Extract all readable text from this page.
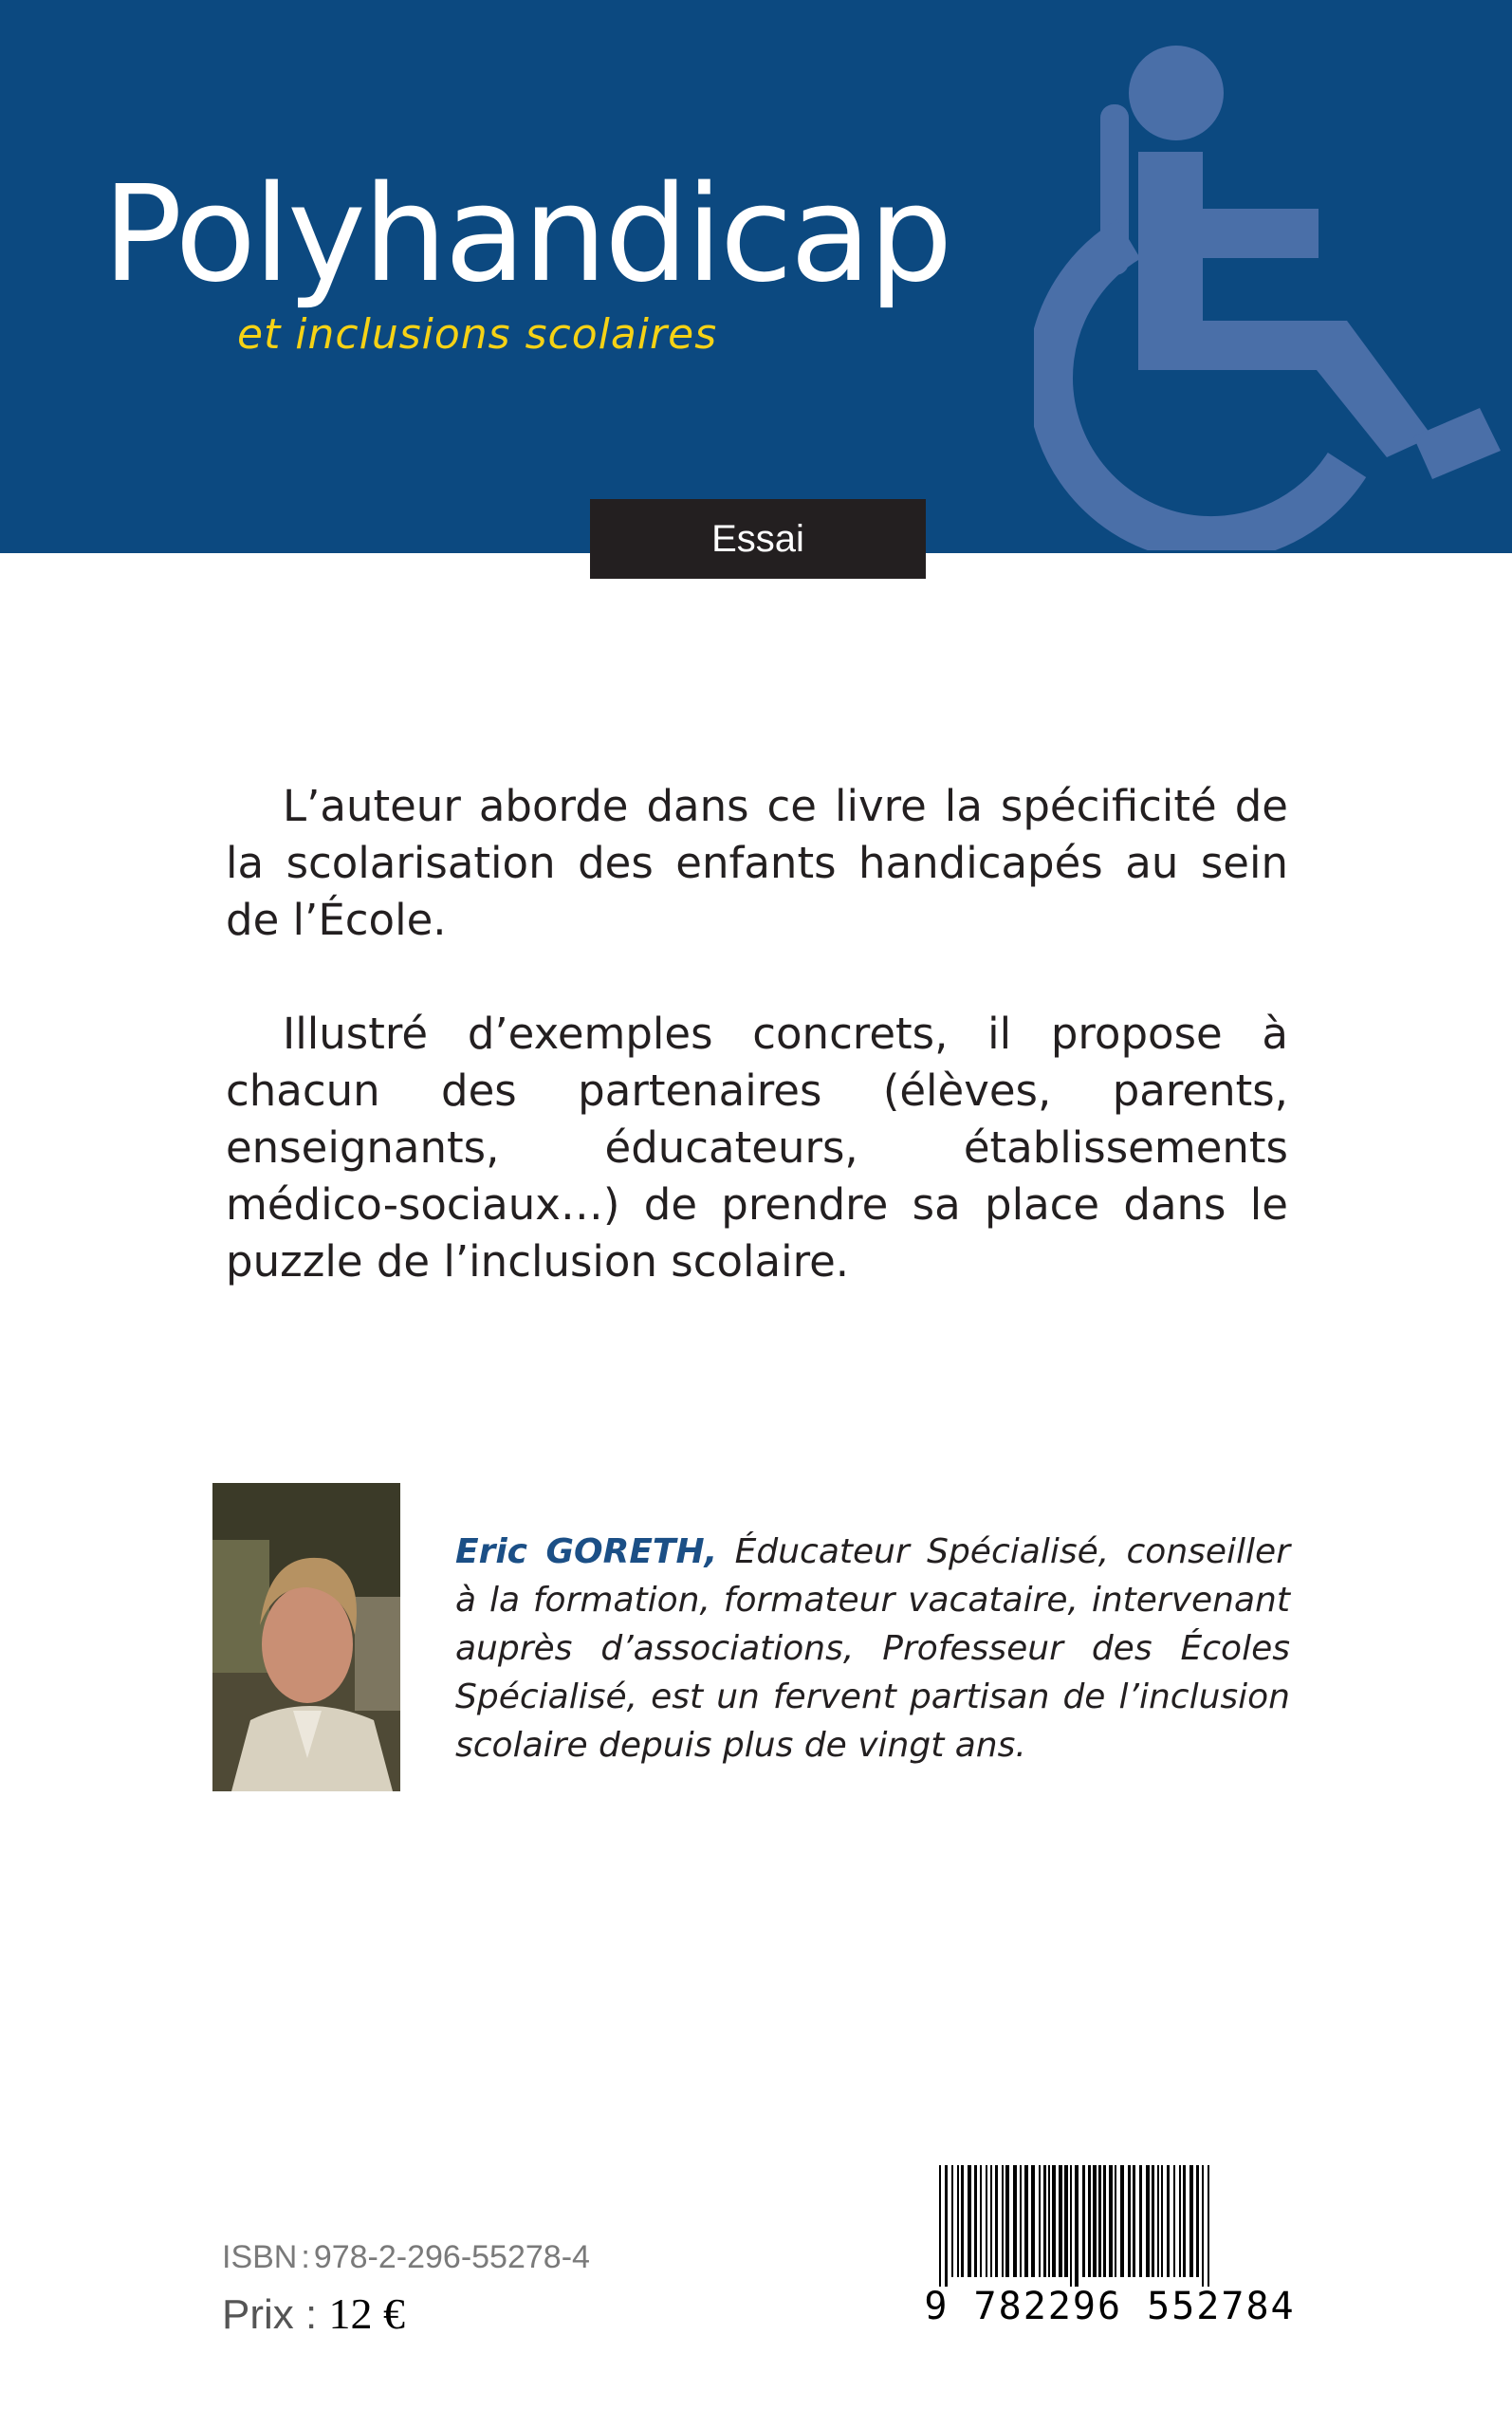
Polyhandicap

et inclusions scolaires

Essai

L’auteur aborde dans ce livre la spécificité de la scolarisation des enfants handicapés au sein de l’École.

Illustré d’exemples concrets, il propose à chacun des partenaires (élèves, parents, enseignants, éducateurs, établissements médico-sociaux…) de prendre sa place dans le puzzle de l’inclusion scolaire.

Eric GORETH, Éducateur Spécialisé, conseiller à la formation, formateur vacataire, intervenant auprès d’associations, Professeur des Écoles Spécialisé, est un fervent partisan de l’inclusion scolaire depuis plus de vingt ans.
ISBN : 978-2-296-55278-4
Prix : 12 €	9 782296 552784
